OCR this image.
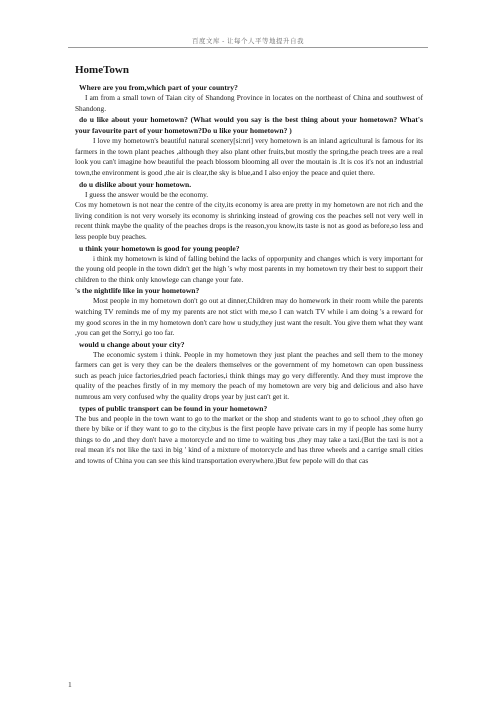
百度文库 - 让每个人平等地提升自我
HomeTown
Where are you from,which part of your country?
I am from a small town of Taian city of Shandong Province in locates on the northeast of China and southwest of Shandong.
do u like about your hometown? (What would you say is the best thing about your hometown? What's your favourite part of your hometown?Do u like your hometown? )
I love my hometown's beautiful natural scenery[si:nri] very hometown is an inland agricultural is famous for its farmers in the town plant peaches ,although they also plant other fruits,but mostly the spring,the peach trees are a real look you can't imagine how beautiful the peach blossom blooming all over the moutain is .It is cos it's not an industrial town,the environment is good ,the air is clear,the sky is blue,and I also enjoy the peace and quiet there.
do u dislike about your hometown.
I guess the answer would be the economy.
Cos my hometown is not near the centre of the city,its economy is area are pretty in my hometown are not rich and the living condition is not very worsely its economy is shrinking instead of growing cos the peaches sell not very well in recent think maybe the quality of the peaches drops is the reason,you know,its taste is not as good as before,so less and less people buy peaches.
u think your hometown is good for young people?
i think my hometown is kind of falling behind the lacks of opporpunity and changes which is very important for the young old people in the town didn't get the high 's why most parents in my hometown try their best to support their children to the think only knowlege can change your fate.
's the nightlife like in your hometown?
Most people in my hometown don't go out at dinner,Children may do homework in their room while the parents watching TV reminds me of my my parents are not stict with me,so I can watch TV while i am doing 's a reward for my good scores in the in my hometown don't care how u study,they just want the result. You give them what they want ,you can get the Sorry,i go too far.
would u change about your city?
The economic system i think. People in my hometown they just plant the peaches and sell them to the money farmers can get is very they can be the dealers themselves or the government of my hometown can open bussiness such as peach juice factories,dried peach factories,i think things may go very differently. And they must improve the quality of the peaches firstly of in my memory the peach of my hometown are very big and delicious and also have numrous am very confused why the quality drops year by just can't get it.
types of public transport can be found in your hometown?
The bus and people in the town want to go to the market or the shop and students want to go to school ,they often go there by bike or if they want to go to the city,bus is the first people have private cars in my if people has some hurry things to do ,and they don't have a motorcycle and no time to waiting bus ,they may take a taxi.(But the taxi is not a real mean it's not like the taxi in big ' kind of a mixture of motorcycle and has three wheels and a carrige small cities and towns of China you can see this kind transportation everywhere.)But few pepole will do that cas
1
